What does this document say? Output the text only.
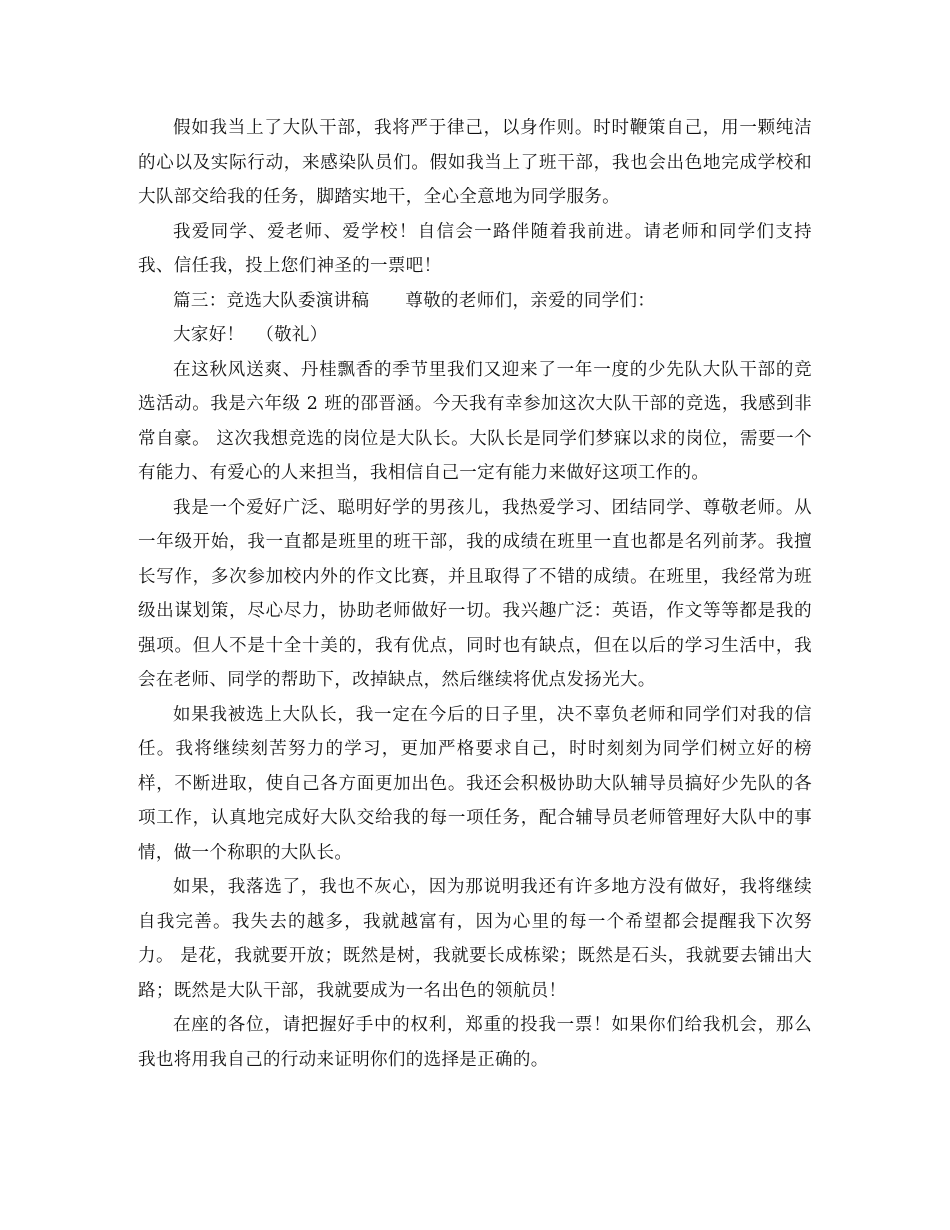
假如我当上了大队干部，我将严于律己，以身作则。时时鞭策自己，用一颗纯洁的心以及实际行动，来感染队员们。假如我当上了班干部，我也会出色地完成学校和大队部交给我的任务，脚踏实地干，全心全意地为同学服务。

我爱同学、爱老师、爱学校！自信会一路伴随着我前进。请老师和同学们支持我、信任我，投上您们神圣的一票吧！

篇三：竞选大队委演讲稿 尊敬的老师们，亲爱的同学们：

大家好！  （敬礼）

在这秋风送爽、丹桂飘香的季节里我们又迎来了一年一度的少先队大队干部的竞选活动。我是六年级 2 班的邵晋涵。今天我有幸参加这次大队干部的竞选，我感到非常自豪。 这次我想竞选的岗位是大队长。大队长是同学们梦寐以求的岗位，需要一个有能力、有爱心的人来担当，我相信自己一定有能力来做好这项工作的。

我是一个爱好广泛、聪明好学的男孩儿，我热爱学习、团结同学、尊敬老师。从一年级开始，我一直都是班里的班干部，我的成绩在班里一直也都是名列前茅。我擅长写作，多次参加校内外的作文比赛，并且取得了不错的成绩。在班里，我经常为班级出谋划策，尽心尽力，协助老师做好一切。我兴趣广泛：英语，作文等等都是我的强项。但人不是十全十美的，我有优点，同时也有缺点，但在以后的学习生活中，我会在老师、同学的帮助下，改掉缺点，然后继续将优点发扬光大。

如果我被选上大队长，我一定在今后的日子里，决不辜负老师和同学们对我的信任。我将继续刻苦努力的学习，更加严格要求自己，时时刻刻为同学们树立好的榜样，不断进取，使自己各方面更加出色。我还会积极协助大队辅导员搞好少先队的各项工作，认真地完成好大队交给我的每一项任务，配合辅导员老师管理好大队中的事情，做一个称职的大队长。

如果，我落选了，我也不灰心，因为那说明我还有许多地方没有做好，我将继续自我完善。我失去的越多，我就越富有，因为心里的每一个希望都会提醒我下次努力。 是花，我就要开放；既然是树，我就要长成栋梁；既然是石头，我就要去铺出大路；既然是大队干部，我就要成为一名出色的领航员！

在座的各位，请把握好手中的权利，郑重的投我一票！如果你们给我机会，那么我也将用我自己的行动来证明你们的选择是正确的。
